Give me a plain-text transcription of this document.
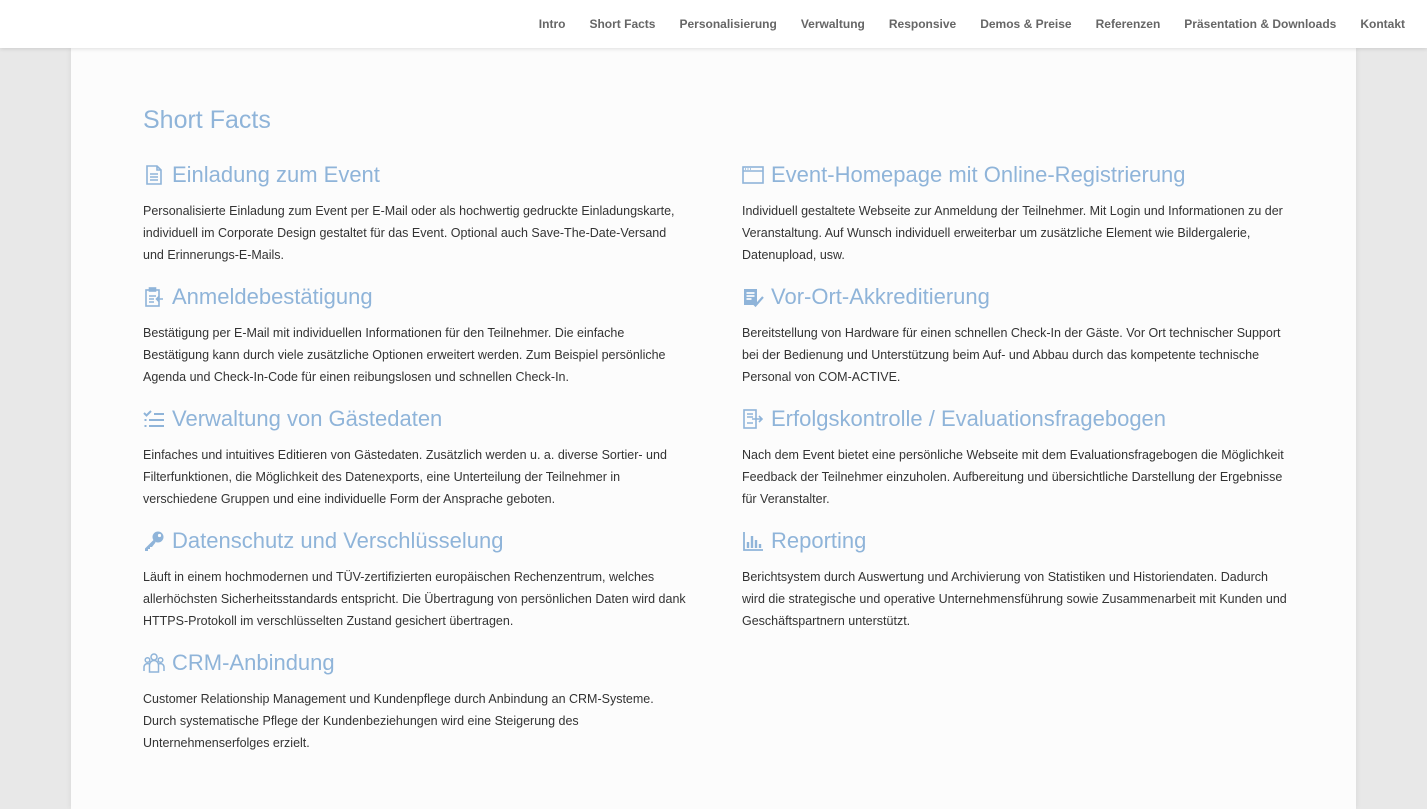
Intro Short Facts Personalisierung Verwaltung Responsive Demos & Preise Referenzen Präsentation & Downloads Kontakt
Short Facts
Einladung zum Event

Personalisierte Einladung zum Event per E-Mail oder als hochwertig gedruckte Einladungskarte, individuell im Corporate Design gestaltet für das Event. Optional auch Save-The-Date-Versand und Erinnerungs-E-Mails.

Anmeldebestätigung

Bestätigung per E-Mail mit individuellen Informationen für den Teilnehmer. Die einfache Bestätigung kann durch viele zusätzliche Optionen erweitert werden. Zum Beispiel persönliche Agenda und Check-In-Code für einen reibungslosen und schnellen Check-In.

Verwaltung von Gästedaten

Einfaches und intuitives Editieren von Gästedaten. Zusätzlich werden u. a. diverse Sortier- und Filterfunktionen, die Möglichkeit des Datenexports, eine Unterteilung der Teilnehmer in verschiedene Gruppen und eine individuelle Form der Ansprache geboten.

Datenschutz und Verschlüsselung

Läuft in einem hochmodernen und TÜV-zertifizierten europäischen Rechenzentrum, welches allerhöchsten Sicherheitsstandards entspricht. Die Übertragung von persönlichen Daten wird dank HTTPS-Protokoll im verschlüsselten Zustand gesichert übertragen.

CRM-Anbindung

Customer Relationship Management und Kundenpflege durch Anbindung an CRM-Systeme. Durch systematische Pflege der Kundenbeziehungen wird eine Steigerung des Unternehmenserfolges erzielt.

Event-Homepage mit Online-Registrierung

Individuell gestaltete Webseite zur Anmeldung der Teilnehmer. Mit Login und Informationen zu der Veranstaltung. Auf Wunsch individuell erweiterbar um zusätzliche Element wie Bildergalerie, Datenupload, usw.

Vor-Ort-Akkreditierung

Bereitstellung von Hardware für einen schnellen Check-In der Gäste. Vor Ort technischer Support bei der Bedienung und Unterstützung beim Auf- und Abbau durch das kompetente technische Personal von COM-ACTIVE.

Erfolgskontrolle / Evaluationsfragebogen

Nach dem Event bietet eine persönliche Webseite mit dem Evaluationsfragebogen die Möglichkeit Feedback der Teilnehmer einzuholen. Aufbereitung und übersichtliche Darstellung der Ergebnisse für Veranstalter.

Reporting

Berichtsystem durch Auswertung und Archivierung von Statistiken und Historiendaten. Dadurch wird die strategische und operative Unternehmensführung sowie Zusammenarbeit mit Kunden und Geschäftspartnern unterstützt.
